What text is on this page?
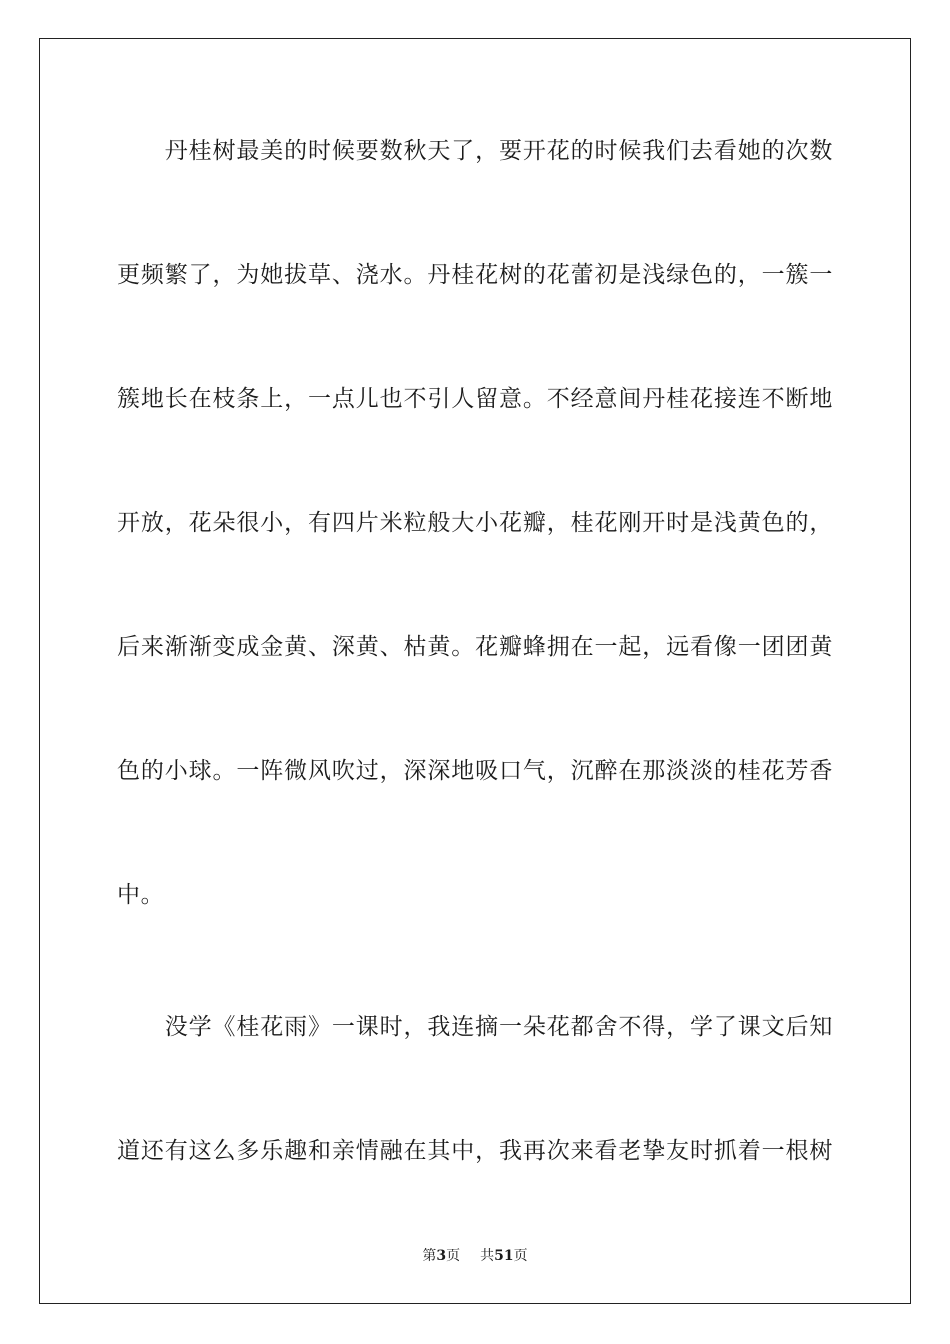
　　丹桂树最美的时候要数秋天了，要开花的时候我们去看她的次数
更频繁了，为她拔草、浇水。丹桂花树的花蕾初是浅绿色的，一簇一
簇地长在枝条上，一点儿也不引人留意。不经意间丹桂花接连不断地
开放，花朵很小，有四片米粒般大小花瓣，桂花刚开时是浅黄色的，
后来渐渐变成金黄、深黄、枯黄。花瓣蜂拥在一起，远看像一团团黄
色的小球。一阵微风吹过，深深地吸口气，沉醉在那淡淡的桂花芳香
中。
　　没学《桂花雨》一课时，我连摘一朵花都舍不得，学了课文后知
道还有这么多乐趣和亲情融在其中，我再次来看老挚友时抓着一根树
第3页 共51页
